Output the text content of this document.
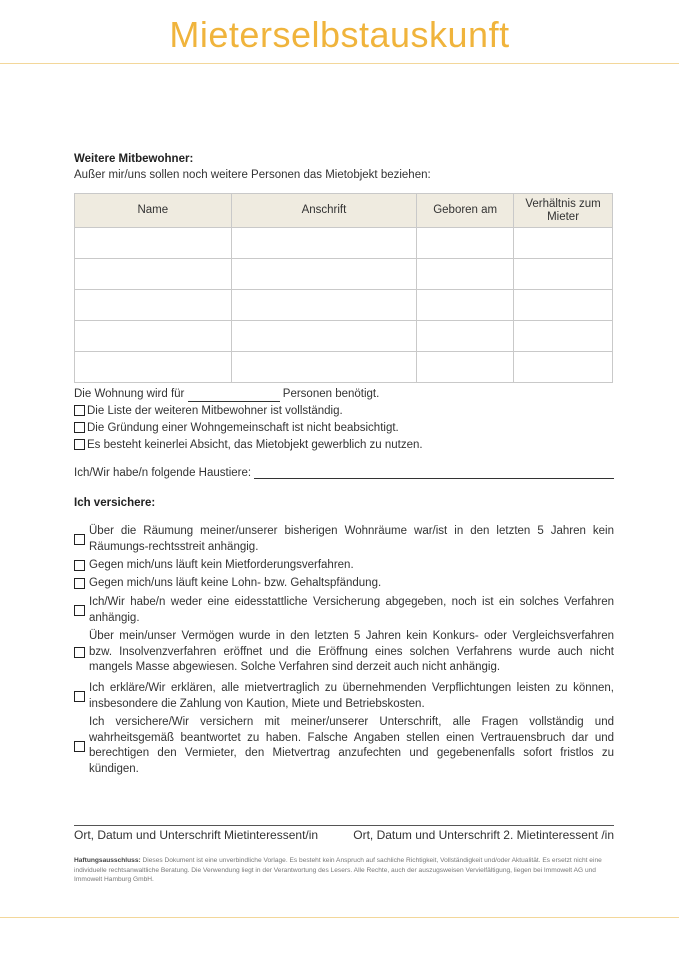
Mieterselbstauskunft
Weitere Mitbewohner:
Außer mir/uns sollen noch weitere Personen das Mietobjekt beziehen:
Name	Anschrift	Geboren am	Verhältnis zum Mieter

Die Wohnung wird für	Personen benötigt.
Die Liste der weiteren Mitbewohner ist vollständig.
Die Gründung einer Wohngemeinschaft ist nicht beabsichtigt.
Es besteht keinerlei Absicht, das Mietobjekt gewerblich zu nutzen.
Ich/Wir habe/n folgende Haustiere:
Ich versichere:
Über die Räumung meiner/unserer bisherigen Wohnräume war/ist in den letzten 5 Jahren kein Räumungs-rechtsstreit anhängig.
Gegen mich/uns läuft kein Mietforderungsverfahren.
Gegen mich/uns läuft keine Lohn- bzw. Gehaltspfändung.
Ich/Wir habe/n weder eine eidesstattliche Versicherung abgegeben, noch ist ein solches Verfahren anhängig.
Über mein/unser Vermögen wurde in den letzten 5 Jahren kein Konkurs- oder Vergleichsverfahren bzw. Insolvenzverfahren eröffnet und die Eröffnung eines solchen Verfahrens wurde auch nicht mangels Masse abgewiesen. Solche Verfahren sind derzeit auch nicht anhängig.
Ich erkläre/Wir erklären, alle mietvertraglich zu übernehmenden Verpflichtungen leisten zu können, insbesondere die Zahlung von Kaution, Miete und Betriebskosten.
Ich versichere/Wir versichern mit meiner/unserer Unterschrift, alle Fragen vollständig und wahrheitsgemäß beantwortet zu haben. Falsche Angaben stellen einen Vertrauensbruch dar und berechtigen den Vermieter, den Mietvertrag anzufechten und gegebenenfalls sofort fristlos zu kündigen.
Ort, Datum und Unterschrift Mietinteressent/in	Ort, Datum und Unterschrift 2. Mietinteressent /in
Haftungsausschluss: Dieses Dokument ist eine unverbindliche Vorlage. Es besteht kein Anspruch auf sachliche Richtigkeit, Vollständigkeit und/oder Aktualität. Es ersetzt nicht eine individuelle rechtsanwaltliche Beratung. Die Verwendung liegt in der Verantwortung des Lesers. Alle Rechte, auch der auszugsweisen Vervielfältigung, liegen bei Immowelt AG und Immowelt Hamburg GmbH.
